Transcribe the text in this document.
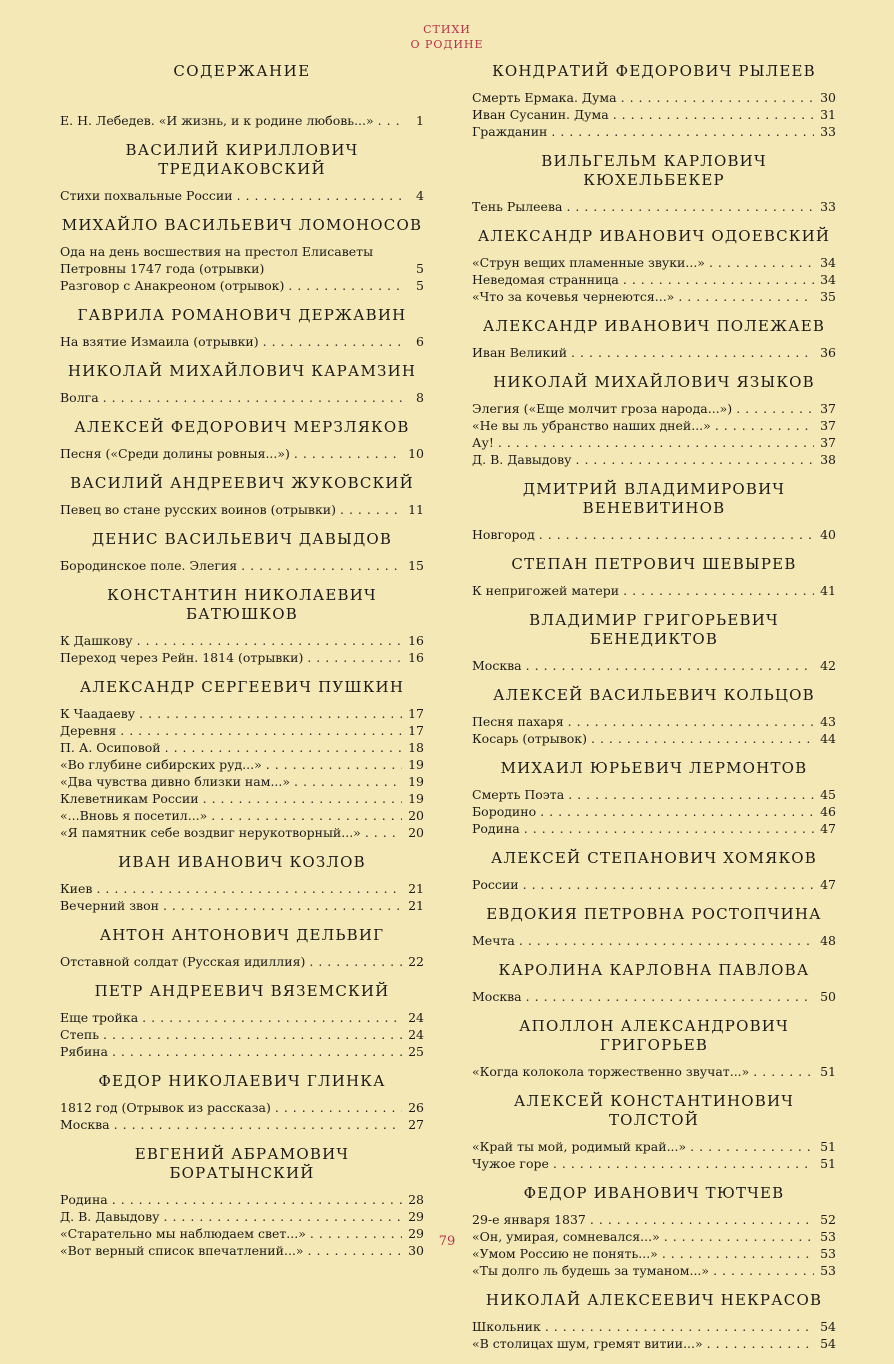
СТИХИ
О РОДИНЕ
СОДЕРЖАНИЕ
Е. Н. Лебедев. «И жизнь, и к родине любовь...» .....	1
ВАСИЛИЙ КИРИЛЛОВИЧ ТРЕДИАКОВСКИЙ
Стихи похвальные России .....	4
МИХАЙЛО ВАСИЛЬЕВИЧ ЛОМОНОСОВ
Ода на день восшествия на престол Елисаветы Петровны 1747 года (отрывки)	5
Разговор с Анакреоном (отрывок) .....	5
ГАВРИЛА РОМАНОВИЧ ДЕРЖАВИН
На взятие Измаила (отрывки) .....	6
НИКОЛАЙ МИХАЙЛОВИЧ КАРАМЗИН
Волга .....	8
АЛЕКСЕЙ ФЕДОРОВИЧ МЕРЗЛЯКОВ
Песня («Среди долины ровныя...») .....	10
ВАСИЛИЙ АНДРЕЕВИЧ ЖУКОВСКИЙ
Певец во стане русских воинов (отрывки) .....	11
ДЕНИС ВАСИЛЬЕВИЧ ДАВЫДОВ
Бородинское поле. Элегия .....	15
КОНСТАНТИН НИКОЛАЕВИЧ БАТЮШКОВ
К Дашкову .....	16
Переход через Рейн. 1814 (отрывки) .....	16
АЛЕКСАНДР СЕРГЕЕВИЧ ПУШКИН
К Чаадаеву .....	17
Деревня .....	17
П. А. Осиповой .....	18
«Во глубине сибирских руд...» .....	19
«Два чувства дивно близки нам...» .....	19
Клеветникам России .....	19
«...Вновь я посетил...» .....	20
«Я памятник себе воздвиг нерукотворный...» .....	20
ИВАН ИВАНОВИЧ КОЗЛОВ
Киев .....	21
Вечерний звон .....	21
АНТОН АНТОНОВИЧ ДЕЛЬВИГ
Отставной солдат (Русская идиллия) .....	22
ПЕТР АНДРЕЕВИЧ ВЯЗЕМСКИЙ
Еще тройка .....	24
Степь .....	24
Рябина .....	25
ФЕДОР НИКОЛАЕВИЧ ГЛИНКА
1812 год (Отрывок из рассказа) .....	26
Москва .....	27
ЕВГЕНИЙ АБРАМОВИЧ БОРАТЫНСКИЙ
Родина .....	28
Д. В. Давыдову .....	29
«Старательно мы наблюдаем свет...» .....	29
«Вот верный список впечатлений...» .....	30
КОНДРАТИЙ ФЕДОРОВИЧ РЫЛЕЕВ
Смерть Ермака. Дума .....	30
Иван Сусанин. Дума .....	31
Гражданин .....	33
ВИЛЬГЕЛЬМ КАРЛОВИЧ КЮХЕЛЬБЕКЕР
Тень Рылеева .....	33
АЛЕКСАНДР ИВАНОВИЧ ОДОЕВСКИЙ
«Струн вещих пламенные звуки...» .....	34
Неведомая странница .....	34
«Что за кочевья чернеются...» .....	35
АЛЕКСАНДР ИВАНОВИЧ ПОЛЕЖАЕВ
Иван Великий .....	36
НИКОЛАЙ МИХАЙЛОВИЧ ЯЗЫКОВ
Элегия («Еще молчит гроза народа...») .....	37
«Не вы ль убранство наших дней...» .....	37
Ау! .....	37
Д. В. Давыдову .....	38
ДМИТРИЙ ВЛАДИМИРОВИЧ ВЕНЕВИТИНОВ
Новгород .....	40
СТЕПАН ПЕТРОВИЧ ШЕВЫРЕВ
К непригожей матери .....	41
ВЛАДИМИР ГРИГОРЬЕВИЧ БЕНЕДИКТОВ
Москва .....	42
АЛЕКСЕЙ ВАСИЛЬЕВИЧ КОЛЬЦОВ
Песня пахаря .....	43
Косарь (отрывок) .....	44
МИХАИЛ ЮРЬЕВИЧ ЛЕРМОНТОВ
Смерть Поэта .....	45
Бородино .....	46
Родина .....	47
АЛЕКСЕЙ СТЕПАНОВИЧ ХОМЯКОВ
России .....	47
ЕВДОКИЯ ПЕТРОВНА РОСТОПЧИНА
Мечта .....	48
КАРОЛИНА КАРЛОВНА ПАВЛОВА
Москва .....	50
АПОЛЛОН АЛЕКСАНДРОВИЧ ГРИГОРЬЕВ
«Когда колокола торжественно звучат...» .....	51
АЛЕКСЕЙ КОНСТАНТИНОВИЧ ТОЛСТОЙ
«Край ты мой, родимый край...» .....	51
Чужое горе .....	51
ФЕДОР ИВАНОВИЧ ТЮТЧЕВ
29-е января 1837 .....	52
«Он, умирая, сомневался...» .....	53
«Умом Россию не понять...» .....	53
«Ты долго ль будешь за туманом...» .....	53
НИКОЛАЙ АЛЕКСЕЕВИЧ НЕКРАСОВ
Школьник .....	54
«В столицах шум, гремят витии...» .....	54
79
